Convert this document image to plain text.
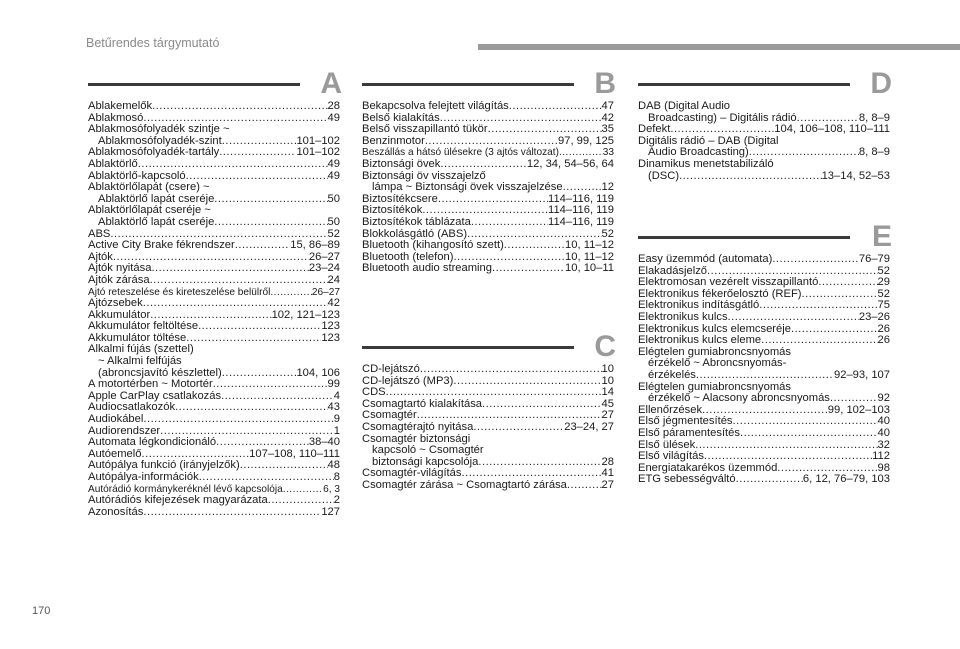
Betűrendes tárgymutató
A
Ablakemelők .....	28
Ablakmosó .....	49
Ablakmosófolyadék szintje ~
Ablakmosófolyadék-szint .....	101–102
Ablakmosófolyadék-tartály .....	101–102
Ablaktörlő .....	49
Ablaktörlő-kapcsoló .....	49
Ablaktörlőlapát (csere) ~
Ablaktörlő lapát cseréje .....	50
Ablaktörlőlapát cseréje ~
Ablaktörlő lapát cseréje .....	50
ABS .....	52
Active City Brake fékrendszer .....	15, 86–89
Ajtók .....	26–27
Ajtók nyitása .....	23–24
Ajtók zárása .....	24
Ajtó reteszelése és kireteszelése belülről .....	26–27
Ajtózsebek .....	42
Akkumulátor .....	102, 121–123
Akkumulátor feltöltése .....	123
Akkumulátor töltése .....	123
Alkalmi fújás (szettel)
~ Alkalmi felfújás
(abroncsjavító készlettel) .....	104, 106
A motortérben ~ Motortér .....	99
Apple CarPlay csatlakozás .....	4
Audiocsatlakozók .....	43
Audiokábel .....	9
Audiorendszer .....	1
Automata légkondicionáló .....	38–40
Autóemelő .....	107–108, 110–111
Autópálya funkció (irányjelzők) .....	48
Autópálya-információk .....	8
Autórádió kormánykeréknél lévő kapcsolója .....	6, 3
Autórádiós kifejezések magyarázata .....	2
Azonosítás .....	127
B
Bekapcsolva felejtett világítás .....	47
Belső kialakítás .....	42
Belső visszapillantó tükör .....	35
Benzinmotor .....	97, 99, 125
Beszállás a hátsó ülésekre (3 ajtós változat) .....	33
Biztonsági övek .....	12, 34, 54–56, 64
Biztonsági öv visszajelző
lámpa ~ Biztonsági övek visszajelzése .....	12
Biztosítékcsere .....	114–116, 119
Biztosítékok .....	114–116, 119
Biztosítékok táblázata .....	114–116, 119
Blokkolásgátló (ABS) .....	52
Bluetooth (kihangosító szett) .....	10, 11–12
Bluetooth (telefon) .....	10, 11–12
Bluetooth audio streaming .....	10, 10–11
C
CD-lejátszó .....	10
CD-lejátszó (MP3) .....	10
CDS .....	14
Csomagtartó kialakítása .....	45
Csomagtér .....	27
Csomagtérajtó nyitása .....	23–24, 27
Csomagtér biztonsági
kapcsoló ~ Csomagtér
biztonsági kapcsolója .....	28
Csomagtér-világítás .....	41
Csomagtér zárása ~ Csomagtartó zárása .....	27
D
DAB (Digital Audio
Broadcasting) – Digitális rádió .....	8, 8–9
Defekt .....	104, 106–108, 110–111
Digitális rádió – DAB (Digital
Audio Broadcasting) .....	8, 8–9
Dinamikus menetstabilizáló
(DSC) .....	13–14, 52–53
E
Easy üzemmód (automata) .....	76–79
Elakadásjelző .....	52
Elektromosan vezérelt visszapillantó .....	29
Elektronikus fékerőelosztó (REF) .....	52
Elektronikus indításgátló .....	75
Elektronikus kulcs .....	23–26
Elektronikus kulcs elemcseréje .....	26
Elektronikus kulcs eleme .....	26
Elégtelen gumiabroncsnyomás
érzékelő ~ Abroncsnyomás-
érzékelés .....	92–93, 107
Elégtelen gumiabroncsnyomás
érzékelő ~ Alacsony abroncsnyomás .....	92
Ellenőrzések .....	99, 102–103
Első jégmentesítés .....	40
Első páramentesítés .....	40
Első ülések .....	32
Első világítás .....	112
Energiatakarékos üzemmód .....	98
ETG sebességváltó .....	6, 12, 76–79, 103
170
